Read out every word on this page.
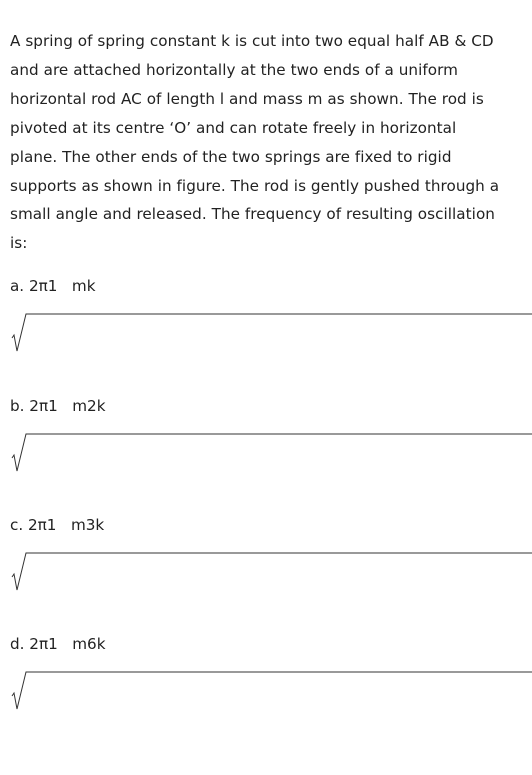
A spring of spring constant k is cut into two equal half AB & CD
and are attached horizontally at the two ends of a uniform
horizontal rod AC of length l and mass m as shown. The rod is
pivoted at its centre ‘O’ and can rotate freely in horizontal
plane. The other ends of the two springs are fixed to rigid
supports as shown in figure. The rod is gently pushed through a
small angle and released. The frequency of resulting oscillation
is:
a. 2π1   mk
b. 2π1   m2k
c. 2π1   m3k
d. 2π1   m6k
